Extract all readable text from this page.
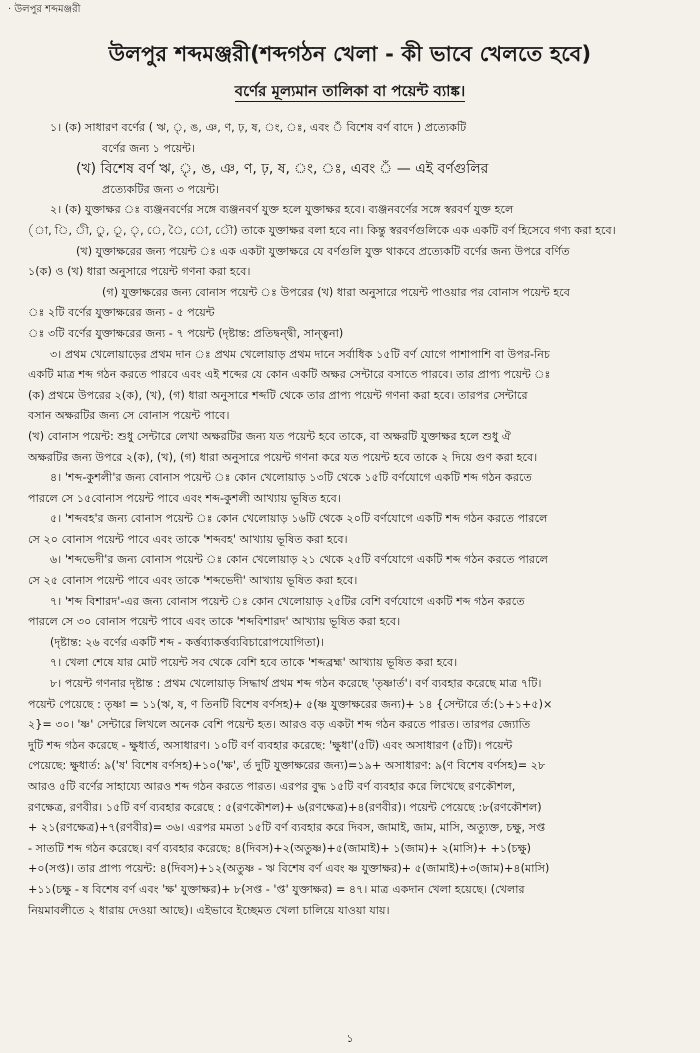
· উলপুর শব্দমঞ্জরী
উলপুর শব্দমঞ্জরী(শব্দগঠন খেলা - কী ভাবে খেলতে হবে)
বর্ণের মূল্যমান তালিকা বা পয়েন্ট ব্যাঙ্ক।

১। (ক) সাধারণ বর্ণের ( ঋ, ৃ, ঙ, ঞ, ণ, ঢ়, ষ, ং, ঃ, এবং ঁ বিশেষ বর্ণ বাদে ) প্রত্যেকটি

বর্ণের জন্য ১ পয়েন্ট।

(খ) বিশেষ বর্ণ ঋ, ৃ, ঙ, ঞ, ণ, ঢ়, ষ, ং, ঃ, এবং ঁ — এই বর্ণগুলির

প্রত্যেকটির জন্য ৩ পয়েন্ট।

২। (ক) যুক্তাক্ষর ঃ ব্যঞ্জনবর্ণের সঙ্গে ব্যঞ্জনবর্ণ যুক্ত হলে যুক্তাক্ষর হবে। ব্যঞ্জনবর্ণের সঙ্গে স্বরবর্ণ যুক্ত হলে

(া, ি, ী, ু, ূ, ৃ, ে, ৈ, ো, ৌ) তাকে যুক্তাক্ষর বলা হবে না। কিন্তু স্বরবর্ণগুলিকে এক একটি বর্ণ হিসেবে গণ্য করা হবে।

(খ) যুক্তাক্ষরের জন্য পয়েন্ট ঃ এক একটা যুক্তাক্ষরে যে বর্ণগুলি যুক্ত থাকবে প্রত্যেকটি বর্ণের জন্য উপরে বর্ণিত

১(ক) ও (খ) ধারা অনুসারে পয়েন্ট গণনা করা হবে।

(গ) যুক্তাক্ষরের জন্য বোনাস পয়েন্ট ঃ উপরের (খ) ধারা অনুসারে পয়েন্ট পাওয়ার পর বোনাস পয়েন্ট হবে

ঃ ২টি বর্ণের যুক্তাক্ষরের জন্য - ৫ পয়েন্ট

ঃ ৩টি বর্ণের যুক্তাক্ষরের জন্য - ৭ পয়েন্ট (দৃষ্টান্ত: প্রতিদ্বন্দ্বী, সান্ত্বনা)

৩। প্রথম খেলোয়াড়ের প্রথম দান ঃ প্রথম খেলোয়াড় প্রথম দানে সর্বাধিক ১৫টি বর্ণ যোগে পাশাপাশি বা উপর-নিচ

একটি মাত্র শব্দ গঠন করতে পারবে এবং এই শব্দের যে কোন একটি অক্ষর সেন্টারে বসাতে পারবে। তার প্রাপ্য পয়েন্ট ঃ

(ক) প্রথমে উপরের ২(ক), (খ), (গ) ধারা অনুসারে শব্দটি থেকে তার প্রাপ্য পয়েন্ট গণনা করা হবে। তারপর সেন্টারে

বসান অক্ষরটির জন্য সে বোনাস পয়েন্ট পাবে।

(খ) বোনাস পয়েন্ট: শুধু সেন্টারে লেখা অক্ষরটির জন্য যত পয়েন্ট হবে তাকে, বা অক্ষরটি যুক্তাক্ষর হলে শুধু ঐ

অক্ষরটির জন্য উপরে ২(ক), (খ), (গ) ধারা অনুসারে পয়েন্ট গণনা করে যত পয়েন্ট হবে তাকে ২ দিয়ে গুণ করা হবে।

৪। 'শব্দ-কুশলী'র জন্য বোনাস পয়েন্ট ঃ কোন খেলোয়াড় ১৩টি থেকে ১৫টি বর্ণযোগে একটি শব্দ গঠন করতে

পারলে সে ১৫বোনাস পয়েন্ট পাবে এবং শব্দ-কুশলী আখ্যায় ভূষিত হবে।

৫। 'শব্দবহ'র জন্য বোনাস পয়েন্ট ঃ কোন খেলোয়াড় ১৬টি থেকে ২০টি বর্ণযোগে একটি শব্দ গঠন করতে পারলে

সে ২০ বোনাস পয়েন্ট পাবে এবং তাকে 'শব্দবহ' আখ্যায় ভূষিত করা হবে।

৬। 'শব্দভেদী'র জন্য বোনাস পয়েন্ট ঃ কোন খেলোয়াড় ২১ থেকে ২৫টি বর্ণযোগে একটি শব্দ গঠন করতে পারলে

সে ২৫ বোনাস পয়েন্ট পাবে এবং তাকে 'শব্দভেদী' আখ্যায় ভূষিত করা হবে।

৭। 'শব্দ বিশারদ'-এর জন্য বোনাস পয়েন্ট ঃ কোন খেলোয়াড় ২৫টির বেশি বর্ণযোগে একটি শব্দ গঠন করতে

পারলে সে ৩০ বোনাস পয়েন্ট পাবে এবং তাকে 'শব্দবিশারদ' আখ্যায় ভূষিত করা হবে।

(দৃষ্টান্ত: ২৬ বর্ণের একটি শব্দ - কর্ত্তব্যাকর্ত্তব্যবিচারোপযোগিতা)।

৭। খেলা শেষে যার মোট পয়েন্ট সব থেকে বেশি হবে তাকে 'শব্দব্রহ্ম' আখ্যায় ভূষিত করা হবে।

৮। পয়েন্ট গণনার দৃষ্টান্ত : প্রথম খেলোয়াড় সিদ্ধার্থ প্রথম শব্দ গঠন করেছে 'তৃষ্ণার্ত'। বর্ণ ব্যবহার করেছে মাত্র ৭টি।

পয়েন্ট পেয়েছে : তৃষ্ণা = ১১(ঋ, ষ, ণ তিনটি বিশেষ বর্ণসহ)+ ৫(ষ্ণ যুক্তাক্ষরের জন্য)+ ১৪ {সেন্টারে র্ত:(১+১+৫)×

২}= ৩০। 'ষ্ণ' সেন্টারে লিখলে অনেক বেশি পয়েন্ট হত। আরও বড় একটা শব্দ গঠন করতে পারত। তারপর জ্যোতি

দুটি শব্দ গঠন করেছে - ক্ষুধার্ত, অসাধারণ। ১০টি বর্ণ ব্যবহার করেছে: 'ক্ষুধা'(৫টি) এবং অসাধারণ (৫টি)। পয়েন্ট

পেয়েছে: ক্ষুধার্ত: ৯('ষ' বিশেষ বর্ণসহ)+১০('ক্ষ', র্ত দুটি যুক্তাক্ষরের জন্য)=১৯+ অসাধারণ: ৯(ণ বিশেষ বর্ণসহ)= ২৮

আরও ৫টি বর্ণের সাহায্যে আরও শব্দ গঠন করতে পারত। এরপর বুদ্ধ ১৫টি বর্ণ ব্যবহার করে লিখেছে রণকৌশল,

রণক্ষেত্র, রণবীর। ১৫টি বর্ণ ব্যবহার করেছে : ৫(রণকৌশল)+ ৬(রণক্ষেত্র)+৪(রণবীর)। পয়েন্ট পেয়েছে :৮(রণকৌশল)

+ ২১(রণক্ষেত্র)+৭(রণবীর)= ৩৬। এরপর মমতা ১৫টি বর্ণ ব্যবহার করে দিবস, জামাই, জাম, মাসি, অত্যুক্ত, চক্ষু, সপ্ত

- সাতটি শব্দ গঠন করেছে। বর্ণ ব্যবহার করেছে: ৪(দিবস)+২(অতুষ্ণ)+৫(জামাই)+ ১(জাম)+ ২(মাসি)+ +১(চক্ষু)

+০(সপ্ত)। তার প্রাপ্য পয়েন্ট: ৪(দিবস)+১২(অতুষ্ণ - ঋ বিশেষ বর্ণ এবং ষ্ণ যুক্তাক্ষর)+ ৫(জামাই)+৩(জাম)+৪(মাসি)

+১১(চক্ষু - ষ বিশেষ বর্ণ এবং 'ক্ষ' যুক্তাক্ষর)+ ৮(সপ্ত - 'প্ত' যুক্তাক্ষর) = ৪৭। মাত্র একদান খেলা হয়েছে। (খেলার

নিয়মাবলীতে ২ ধারায় দেওয়া আছে)। এইভাবে ইচ্ছেমত খেলা চালিয়ে যাওয়া যায়।

১
